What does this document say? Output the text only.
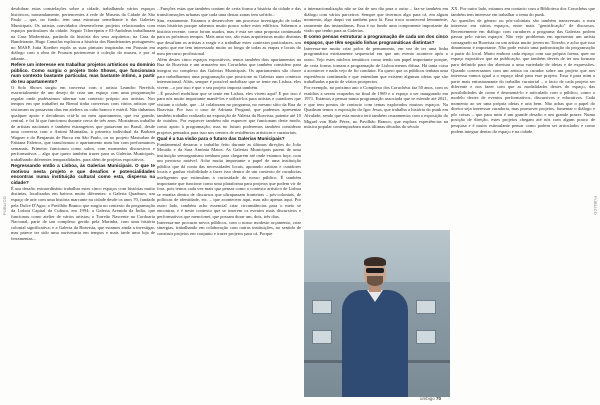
PÚBLICO	PÚBLICO

desdobrar estas constelações sobre a cidade, trabalhando vários espaços históricos, nomeadamente, pertencentes à rede de Museus da Cidade de São Paulo – que, no fundo, tem uma estrutura semelhante à das Galerias Municipais. Os artistas convidados desenvolvem projetos relacionados com espaços particulares da cidade. Seguir Tcherepnin e El-Andaleas trabalharam na Casa Modernista, partindo da história dos seus arquitetos; na Casa da Bandeirante, Hugo Canoilas explorou a história dos Bandeirantes portugueses; no MASP, Jutta Koether expôs as suas pinturas inspiradas em Poussin em diálogo com a obra de Poussin pertencente à coleção do museu, e por aí adiante...

Refere um interesse em trabalhar projetos artísticos ou domínio público. Como surgiu o projeto Solo Shows, que funcionava num contexto bastante particular, mas bastante íntimo, a partir do teu apartamento?

O Solo Shows surgiu em conversa com o artista Leandro Nerefuh, essencialmente de um desejo de criar um espaço com uma programação regular onde pudéssemos alternar um contexto próprio aos artistas. Nos tempos em que trabalhei na Bienal tinha conversas com vários artistas que visitavam ou passavam dias em ateliers ou cubo branco e estéril. Não tínhamos qualquer apoio e decidimos criá-lo no meu apartamento, que era grande, central, e foi lá que funcionou durante cerca de três anos. Mostrámos trabalho de artistas nacionais e também estrangeiros que passavam no Brasil, desde uma conversa com o Antoni Muntadas, à primeira individual da Barbara Wagner e do Benjamin de Burca em São Paulo, ou ao projeto Masturbar de Fabiana Faleiros, que transformou o apartamento num bar com performances semanais. Primeiro funcionou como salon, com momentos discursivos e performativos – algo que quero também trazer para as Galerias Municipais, trabalhando diferentes temporalidades, para além de projetos expositivos.

Regressando então a Lisboa, às Galerias Municipais. O que te motivou nesta projeto e que desafios e potencialidades encontras numa instituição cultural como esta, dispersa na cidade?

É um desafio extraordinário trabalhar estes cinco espaços com histórias muito distintas, localizados em bairros muito diferentes: a Galeria Quadrum, um espaço de arte com uma história marcante na cidade desde os anos 70, fundado pela Dulce D'Agro; o Pavilhão Branco que surgiu no contexto da programação da Lisboa Capital da Cultura, em 1994; a Galeria Avenida da Índia, que funcionou como atelier de vários artistas; o Torreão Nascente na Cordoaria Nacional, parte de um complexo gerido pela Marinha, com uma história colonial significativa; e a Galeria da Boavista, que estamos ainda a investigar, mas parece ter sido uma ourivesaria em tempos e mais tarde uma loja de ferramentas...

...Funções estas que também contam de certa forma a história da cidade e das transformações urbanas que cada uma destas zonas tem sofrido...

Sim, exatamente. Estamos a desenvolver um processo investigação de todas estas histórias porque sabemos muito pouco sobre estes edifícios. Sabemos a história recente, como foram usados, mas é esta ser uma proposta continuada para os próximos tempos. Mais uma vez, são estas arquiteturas muito distintas que desafiam os artistas a reagir e a trabalhar estes contextos particulares, um aspeto que me tem interessado muito ao longo de todas as etapas e locais do meu percurso profissional.

Além destes cinco espaços expositivos, temos também dois apartamentos na Rua da Boavista e um armazém nos Coruchéus que também considero para integrar no complexo das Galerias Municipais. Os apartamentos são chave para trabalharmos uma programação que posicione as Galerias num contexto internacional. Aliás, sempre é possível mobilizar que se tente em Lisboa, eles vivem ...o por isso é que o seu projeto importa também.

...É possível mobilizar que se tente em Lisboa, eles vivem aqui? E por isso é para nós muito importante mantê-los e utilizá-los para artistas e curadores que visitam a cidade, que ...lá colaboram no programa, no mesmo sítio da Rua da Boavista. Por isso o caso de Adriana Proganó, que pudemos apresentar também trabalho realizado na exposição de Valeria da Boavista, patente até 10 de outubro. Por esquecer também não esquecer que funcionam deste modo, como apoio à programação, mas no futuro poderemos também considerar projetos pensados para isso nos centros de residências artísticas e curatoriais.

Qual é a tua visão para o futuro das Galerias Municipais?

Fundamental destacar o trabalho feito durante as últimas direções do João Mourão e da Sara Antónia Matos. As Galerias Municipais parem de uma instituição semorganismo nenhum para chegarem até onde estamos hoje, com um percurso notável. Acho muito importante o papel de uma instituição pública que dá conta das necessidades locais, apoiando artistas e curadores locais e ganhar visibilidade a fazer isso dentro de um contexto de curadorias inteligentes que estimulam a curiosidade do nosso público. É também importante que funcione como uma plataforma para projetos que podem vir de fora, pois temos cada vez mais que pensar como o contexto artístico de Lisboa se enraíza dentro de discursos que ultrapassam fronteiras – pós-coloniais, de políticas de identidade, etc. – que acontecem aqui, mas não apenas aqui. Por outro lado, também acho essencial criar circunstâncias para o meio se encontrar, e é neste contexto que se inserem os eventos mais discursivos e performativos que mencionei, que possam durar um, dois, três dias.

Interessa-me procurar novos públicos, com o nosso modesto orçamento, criar sinergias, trabalhando em colaboração com outras instituições, no sentido de construir projetos em conjunto e trazer projetos para cá. Porque

a internacionalização não se faz de um dia para o outro – faz-se também em diálogo com vários parceiros. Sempre que tivermos algo para cá, em algum momento, algo daqui vai também para lá. Essa troca acontecerá lentamente, raramente das instantâneas. Essa é no fundo uma componente importante da visão que tenho para as Galerias.

E como pensas estruturar a programação de cada um dos cinco espaços, que têm seguido linhas programáticas distintas?

Interessa-me muito criar polos de pensamento, em vez de ter uma linha programática estritamente sequencial em que um evento acontece após o outro. Vejo estes núcleos temáticos como tendo um papel importante porque, de certa forma, tornam a programação de Lisboa menos difusa. Há tanta coisa a acontecer e nada vejo de fio condutor. Eu quero que os públicos tenham uma experiência continuada e que entendam que existem algumas ideias que são trabalhadas a partir de vários prospectos.

Por exemplo, no próximo ano o Complexo dos Coruchéus faz 50 anos, com os estúdios a serem ocupados no final de 1969 e o espaço a ser inaugurado em 1971. Estamos a pensar numa programação associada que se estende até 2021, e que tem pontos de contacto com temas explorados noutros espaços. Na Quadrum temos a exposição do Igor Jesus, que trabalha a história do punk em Alvalade, sendo que esta mostra terá também cruzamentos com a exposição do Miguel von Hafe Pérez, no Pavilhão Branco, que explora experiências na música popular contemporânea mais últimas décadas do século

XX. Por outro lado, estamos em contacto com a Biblioteca dos Coruchéus que também tem interesse em trabalhar o tema do punk.

Ao questões de género ou pós-coloniais são também transversais a meu interesse em vários espaços, entre mais "gentrificação" de discursos. Recentemente em diálogo com curadores a programa das Galerias podem passar pelo vários espaços. Não vejo problemas em apresentar um artista consagrado na Boavista ou um artista muito jovem no Torreão, e acho que isso dinamismo é importante. Não pode existir uma padronização da programação a partir do local. Muito embora cada espaço com sua própria forma, quer no espaço expositivo que na publicação, que também deveis de ter um formato para definido para dar abertura a uma variedade de ideias e de expressões. Quando conversamos com um artista ou curador sobre um projeto que nos interessa vamos igual a o espaço ideal para esse projeto. Essa é para mim a parte mais entusiasmante do trabalho curatorial – o facto de cada projeto ser diferente e nos fazer com que as modalidades destes do espaço, das possibilidades de como é desmontá-lo e articulado com o público, como o modelo destes de eventos performativos, discursivos e educativos. Cada momento ao ser uma própria ideias e aria bem. Não achas que o papel do diretor seja interessar curadoria, mas promover projetos, fomentar o diálogo e pôr coisas – que para mim é um grande desafio e um grande prazer. Numa posição de direção, estes projetos chegam até nós com algum pouco de pesquisa e é muito estimulante pensar como podem ser articulados e como podem integrar dentro do espaço e na cidade.

umbigo 70
